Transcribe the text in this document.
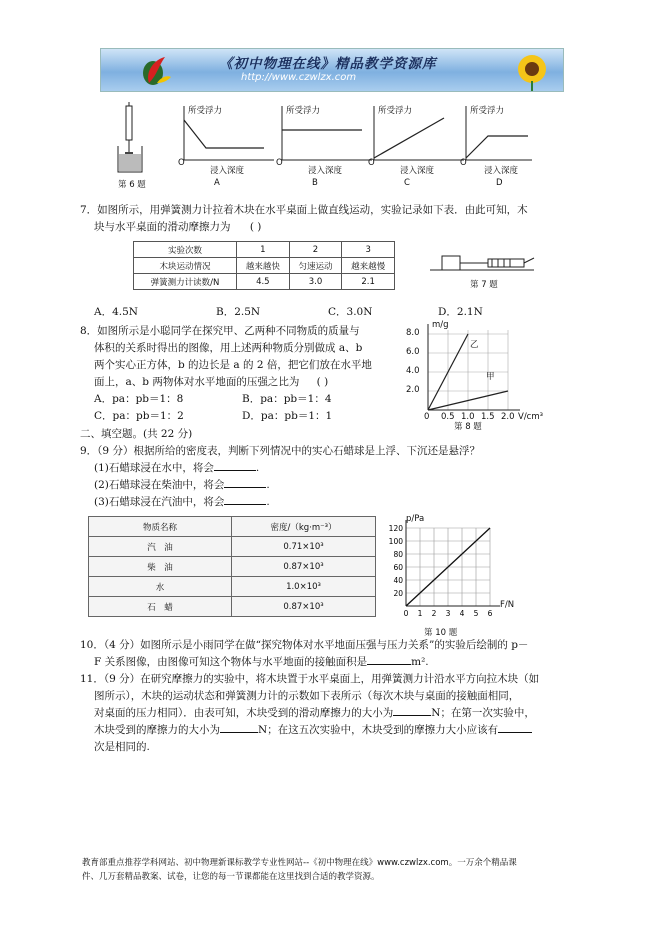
《初中物理在线》精品教学资源库
http://www.czwlzx.com
第 6 题
所受浮力	所受浮力	所受浮力	所受浮力
O	O	O	O
浸入深度	浸入深度	浸入深度	浸入深度
A	B	C	D
7．如图所示，用弹簧测力计拉着木块在水平桌面上做直线运动，实验记录如下表．由此可知，木
块与水平桌面的滑动摩擦力为 ( )
实验次数	1	2	3
木块运动情况	越来越快	匀速运动	越来越慢
弹簧测力计读数/N	4.5	3.0	2.1	第 7 题
A．4.5N	B．2.5N	C．3.0N	D．2.1N
8．如图所示是小聪同学在探究甲、乙两种不同物质的质量与
体积的关系时得出的图像，用上述两种物质分别做成 a、b
两个实心正方体，b 的边长是 a 的 2 倍，把它们放在水平地
面上，a、b 两物体对水平地面的压强之比为 ( )
A．pa：pb＝1：8	B．pa：pb＝1：4
C．pa：pb＝1：2	D．pa：pb＝1：1
m/g
8.0
6.0
4.0
2.0
0 0.5 1.0 1.5 2.0 V/cm³
乙
甲
第 8 题
二、填空题。(共 22 分)
9．（9 分）根据所给的密度表，判断下列情况中的实心石蜡球是上浮、下沉还是悬浮？
(1)石蜡球浸在水中，将会	.
(2)石蜡球浸在柴油中，将会	.
(3)石蜡球浸在汽油中，将会	.
物质名称	密度/（kg·m⁻³）
汽　油	0.71×10³
柴　油	0.87×10³
水	1.0×10³
石　蜡	0.87×10³
120
100
80
60
40
20
0 1 2 3 4 5 6
p/Pa
F/N
第 10 题
10．（4 分）如图所示是小雨同学在做“探究物体对水平地面压强与压力关系”的实验后绘制的 p－
F 关系图像，由图像可知这个物体与水平地面的接触面积是	m².
11．（9 分）在研究摩擦力的实验中，将木块置于水平桌面上，用弹簧测力计沿水平方向拉木块（如
图所示），木块的运动状态和弹簧测力计的示数如下表所示（每次木块与桌面的接触面相同，
对桌面的压力相同）．由表可知，木块受到的滑动摩擦力的大小为	N；在第一次实验中，
木块受到的摩擦力的大小为	N；在这五次实验中，木块受到的摩擦力大小应该有
次是相同的.
教育部重点推荐学科网站、初中物理新课标教学专业性网站--《初中物理在线》www.czwlzx.com。一万余个精品课
件、几万套精品教案、试卷，让您的每一节课都能在这里找到合适的教学资源。
